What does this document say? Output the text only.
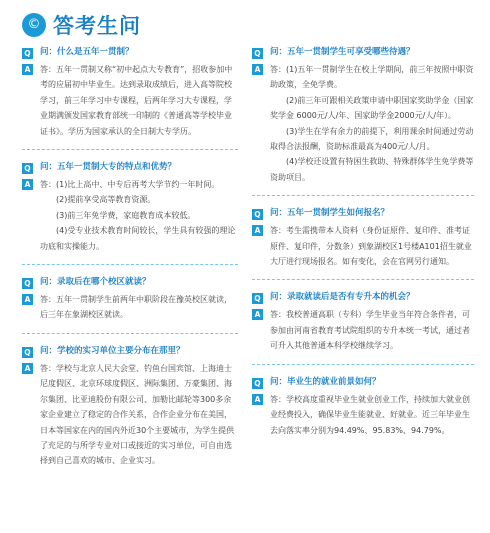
© 答考生问
Q 问：什么是五年一贯制？
A	答：五年一贯制又称“初中起点大专教育”，招收参加中考的应届初中毕业生。达到录取成绩后，进入高等院校学习，前三年学习中专课程，后两年学习大专课程，学业期满颁发国家教育部统一印制的《普通高等学校毕业证书》。学历为国家承认的全日制大专学历。

Q 问：五年一贯制大专的特点和优势？
A	答：(1)比上高中、中专后再考大学节约一年时间。

(2)提前享受高等教育资源。

(3)前三年免学费，家庭教育成本较低。

(4)受专业技术教育时间较长，学生具有较强的理论功底和实操能力。

Q 问：录取后在哪个校区就读？
A	答：五年一贯制学生前两年中职阶段在豫英校区就读，后三年在象湖校区就读。

Q 问：学校的实习单位主要分布在那里？
A	答：学校与北京人民大会堂、钓鱼台国宾馆、上海迪士尼度假区、北京环球度假区、洲际集团、万豪集团、海尔集团、比亚迪股份有限公司、加勒比邮轮等300多余家企业建立了稳定的合作关系，合作企业分布在美国，日本等国家在内的国内外近30个主要城市，为学生提供了充足的与所学专业对口或接近的实习单位，可自由选择到自己喜欢的城市、企业实习。

Q 问：五年一贯制学生可享受哪些待遇？
A	答：(1)五年一贯制学生在校上学期间，前三年按照中职资助政策，全免学费。

(2)前三年可跟相关政策申请中职国家奖助学金（国家奖学金 6000元/人/年、国家助学金2000元/人/年）。

(3)学生在学有余力的前提下，利用课余时间通过劳动取得合法报酬，资助标准最高为400元/人/月。

(4)学校还设置有特困生救助、特殊群体学生免学费等资助项目。

Q 问：五年一贯制学生如何报名？
A	答：考生需携带本人资料（身份证原件、复印件、准考证原件、复印件，分数条）到象湖校区1号楼A101招生就业大厅进行现场报名。如有变化，会在官网另行通知。

Q 问：录取就读后是否有专升本的机会？
A	答：我校普通高职（专科）学生毕业当年符合条件者，可参加由河南省教育考试院组织的专升本统一考试，通过者可升入其他普通本科学校继续学习。

Q 问：毕业生的就业前景如何？
A	答：学校高度重视毕业生就业创业工作，持续加大就业创业经费投入，确保毕业生能就业、好就业。近三年毕业生去向落实率分别为94.49%、95.83%、94.79%。
